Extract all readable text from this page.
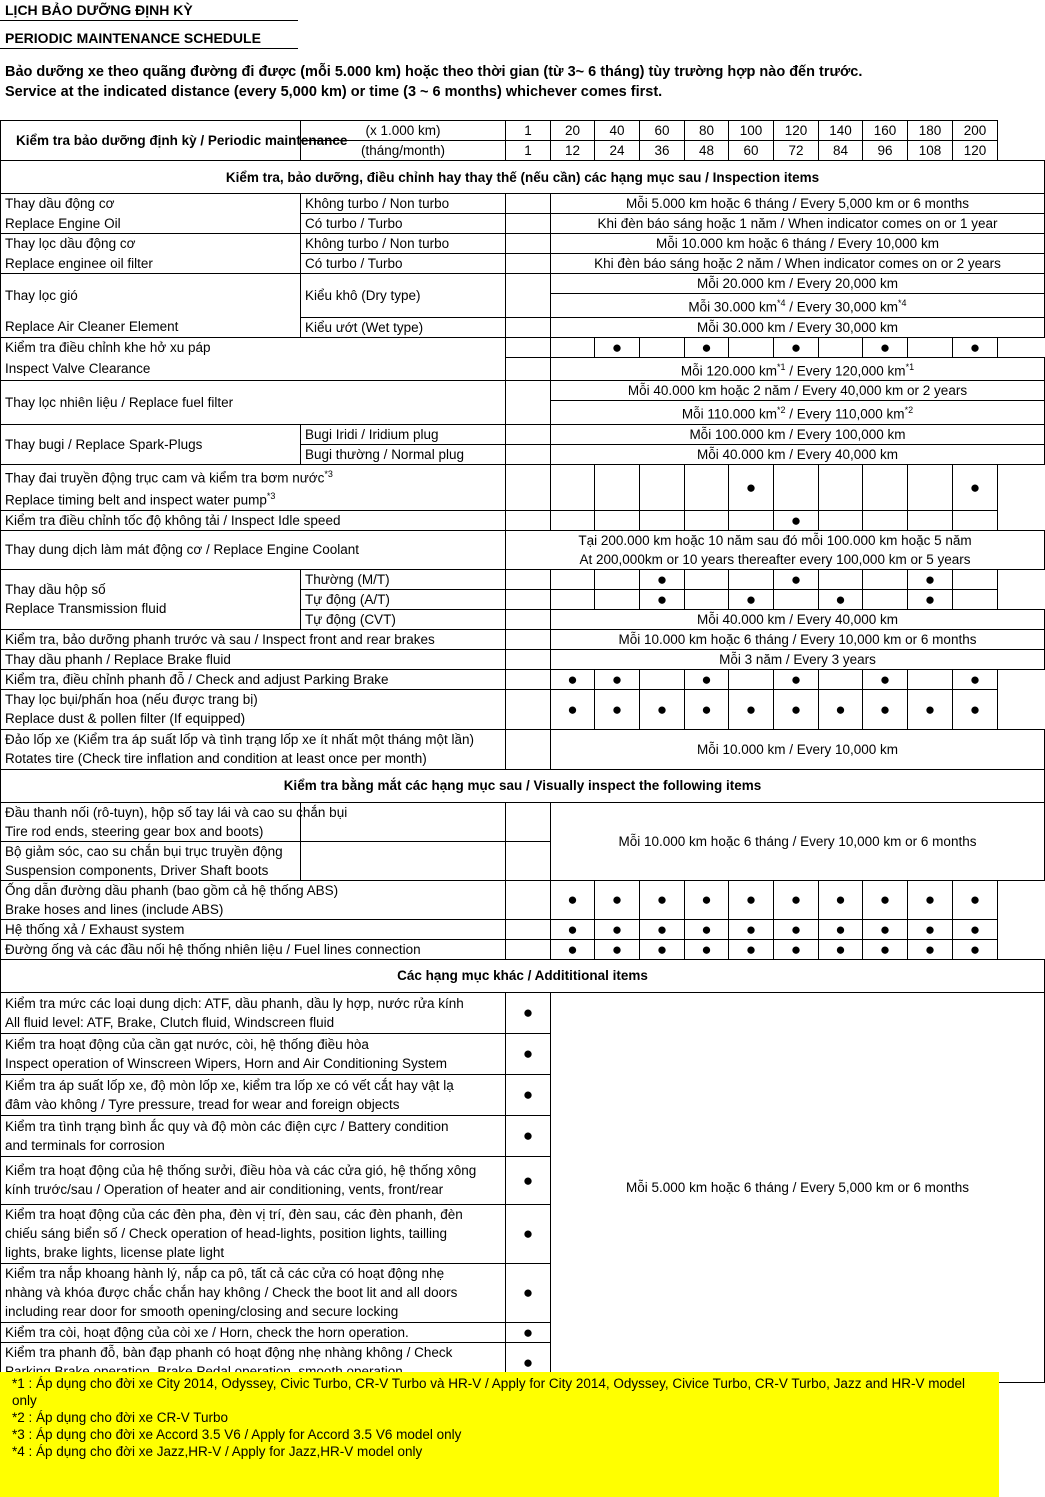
LỊCH BẢO DƯỠNG ĐỊNH KỲ
PERIODIC MAINTENANCE SCHEDULE
Bảo dưỡng xe theo quãng đường đi được (mỗi 5.000 km) hoặc theo thời gian (từ 3~ 6 tháng) tùy trường hợp nào đến trước.
Service at the indicated distance (every 5,000 km) or time (3 ~ 6 months) whichever comes first.
Kiểm tra bảo dưỡng định kỳ / Periodic maintenance	(x 1.000 km)	1	20	40	60	80	100	120	140	160	180	200
	(tháng/month)	1	12	24	36	48	60	72	84	96	108	120
Kiểm tra, bảo dưỡng, điều chỉnh hay thay thế (nếu cần) các hạng mục sau / Inspection items												
Thay dầu động cơ	Không turbo / Non turbo		Mỗi 5.000 km hoặc 6 tháng / Every 5,000 km or 6 months									
Replace Engine Oil	Có turbo / Turbo		Khi đèn báo sáng hoặc 1 năm / When indicator comes on or 1 year									
Thay lọc dầu động cơ	Không turbo / Non turbo		Mỗi 10.000 km hoặc 6 tháng / Every 10,000 km									
Replace enginee oil filter	Có turbo / Turbo		Khi đèn báo sáng hoặc 2 năm / When indicator comes on or 2 years									
Thay lọc gió	Kiểu khô (Dry type)		Mỗi 20.000 km / Every 20,000 km									
			Mỗi 30.000 $km^{*4}$ / Every 30,000 $km^{*4}$
Replace Air Cleaner Element	Kiểu ướt (Wet type)		Mỗi 30.000 km / Every 30,000 km									
Kiểm tra điều chỉnh khe hở xu páp				●		●		●		●		●
Inspect Valve Clearance			Mỗi 120.000 $km^{*1}$ / Every 120,000 $km^{*1}$
Thay lọc nhiên liệu / Replace fuel filter			Mỗi 40.000 km hoặc 2 năm / Every 40,000 km or 2 years									
			Mỗi 110.000 $km^{*2}$ / Every 110,000 $km^{*2}$
Thay bugi / Replace Spark-Plugs	Bugi Iridi / Iridium plug		Mỗi 100.000 km / Every 100,000 km									
	Bugi thường / Normal plug		Mỗi 40.000 km / Every 40,000 km									

Thay đai truyền động trục cam và kiểm tra bơm nước$^{*3}$
Replace timing belt and inspect water pump$^{*3}$							●					●
Kiểm tra điều chỉnh tốc độ không tải / Inspect Idle speed								●				
Thay dung dịch làm mát động cơ / Replace Engine Coolant		Tại 200.000 km hoặc 10 năm sau đó mỗi 100.000 km hoặc 5 năm										
		At 200,000km or 10 years thereafter every 100,000 km or 5 years										

Thay dầu hộp số
Replace Transmission fluid	Thường (M/T)				●			●			●	
	Tự động (A/T)				●		●		●		●	
	Tự động (CVT)		Mỗi 40.000 km / Every 40,000 km									
Kiểm tra, bảo dưỡng phanh trước và sau / Inspect front and rear brakes			Mỗi 10.000 km hoặc 6 tháng / Every 10,000 km or 6 months									
Thay dầu phanh / Replace Brake fluid			Mỗi 3 năm / Every 3 years									
Kiểm tra, điều chỉnh phanh đỗ / Check and adjust Parking Brake			●	●		●		●		●		●

Thay lọc bụi/phấn hoa (nếu được trang bị)
Replace dust & pollen filter (If equipped)			●	●	●	●	●	●	●	●	●	●

Đảo lốp xe (Kiểm tra áp suất lốp và tình trạng lốp xe ít nhất một tháng một lần)
Rotates tire (Check tire inflation and condition at least once per month)			Mỗi 10.000 km / Every 10,000 km									
Kiểm tra bằng mắt các hạng mục sau / Visually inspect the following items												

Đầu thanh nối (rô-tuyn), hộp số tay lái và cao su chắn bụi
Tire rod ends, steering gear box and boots)			Mỗi 10.000 km hoặc 6 tháng / Every 10,000 km or 6 months									

Bộ giảm sóc, cao su chắn bụi trục truyền động
Suspension components, Driver Shaft boots												

Ống dẫn đường dầu phanh (bao gồm cả hệ thống ABS)
Brake hoses and lines (include ABS)			●	●	●	●	●	●	●	●	●	●
Hệ thống xả / Exhaust system			●	●	●	●	●	●	●	●	●	●
Đường ống và các đầu nối hệ thống nhiên liệu / Fuel lines connection			●	●	●	●	●	●	●	●	●	●
Các hạng mục khác / Addititional items												

Kiểm tra mức các loại dung dịch: ATF, dầu phanh, dầu ly hợp, nước rửa kính
All fluid level: ATF, Brake, Clutch fluid, Windscreen fluid		●	Mỗi 5.000 km hoặc 6 tháng / Every 5,000 km or 6 months									

Kiểm tra hoạt động của cần gạt nước, còi, hệ thống điều hòa
Inspect operation of Winscreen Wipers, Horn and Air Conditioning System		●										

Kiểm tra áp suất lốp xe, độ mòn lốp xe, kiểm tra lốp xe có vết cắt hay vật lạ
đâm vào không / Tyre pressure, tread for wear and foreign objects		●										

Kiểm tra tình trạng bình ắc quy và độ mòn các điện cực / Battery condition
and terminals for corrosion		●										

Kiểm tra hoạt động của hệ thống sưởi, điều hòa và các cửa gió, hệ thống xông
kính trước/sau / Operation of heater and air conditioning, vents, front/rear		●										

Kiểm tra hoạt động của các đèn pha, đèn vị trí, đèn sau, các đèn phanh, đèn
chiếu sáng biển số / Check operation of head-lights, position lights, tailling
lights, brake lights, license plate light		●										

Kiểm tra nắp khoang hành lý, nắp ca pô, tất cả các cửa có hoạt động nhẹ
nhàng và khóa được chắc chắn hay không / Check the boot lit and all doors
including rear door for smooth opening/closing and secure locking		●										

Kiểm tra còi, hoạt động của còi xe / Horn, check the horn operation.		●										

Kiểm tra phanh đỗ, bàn đạp phanh có hoạt động nhẹ nhàng không / Check		●										
*1 : Áp dụng cho đời xe City 2014, Odyssey, Civic Turbo, CR-V Turbo và HR-V / Apply for City 2014, Odyssey, Civice Turbo, CR-V Turbo, Jazz and HR-V model
only
*2 : Áp dụng cho đời xe CR-V Turbo
*3 : Áp dụng cho đời xe Accord 3.5 V6 / Apply for Accord 3.5 V6 model only
*4 : Áp dụng cho đời xe Jazz,HR-V / Apply for Jazz,HR-V model only
